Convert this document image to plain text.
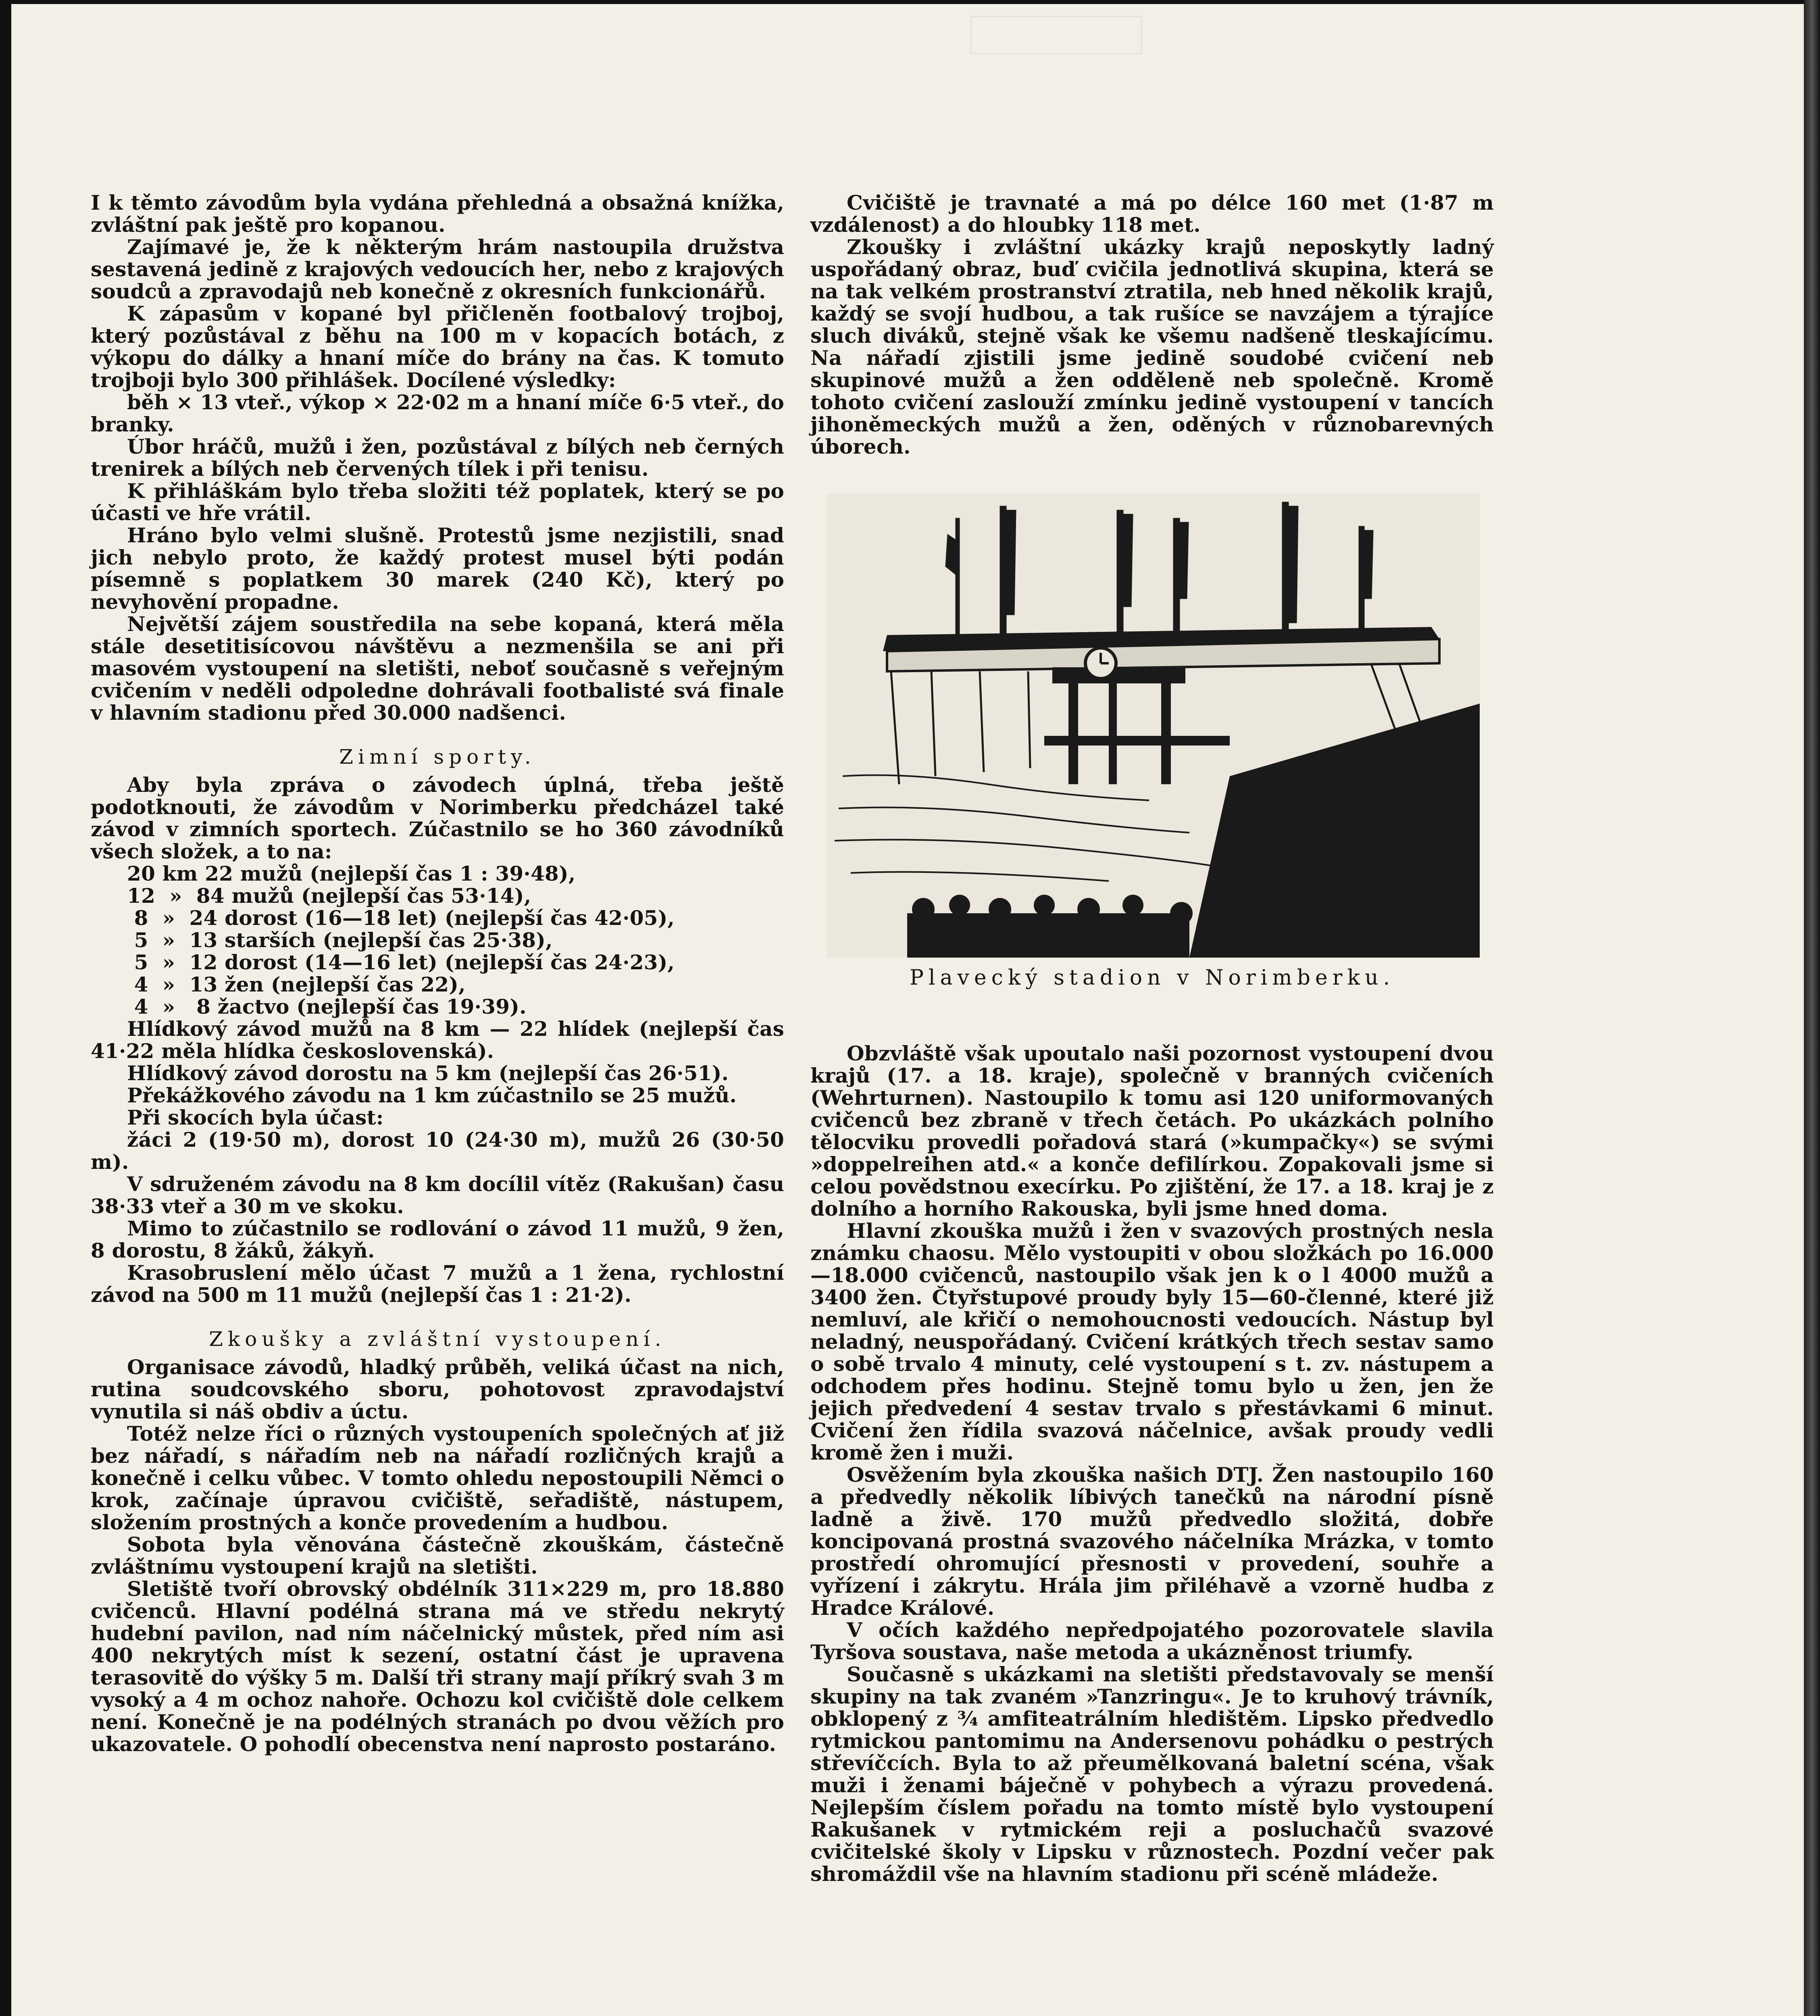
I k těmto závodům byla vydána přehledná a obsažná knížka, zvláštní pak ještě pro kopanou.

Zajímavé je, že k některým hrám nastoupila družstva sestavená jedině z krajových vedoucích her, nebo z krajových soudců a zpravodajů neb konečně z okresních funkcionářů.

K zápasům v kopané byl přičleněn footbalový trojboj, který pozůstával z běhu na 100 m v kopacích botách, z výkopu do dálky a hnaní míče do brány na čas. K tomuto trojboji bylo 300 přihlášek. Docílené výsledky:

běh × 13 vteř., výkop × 22·02 m a hnaní míče 6·5 vteř., do branky.

Úbor hráčů, mužů i žen, pozůstával z bílých neb černých trenirek a bílých neb červených tílek i při tenisu.

K přihláškám bylo třeba složiti též poplatek, který se po účasti ve hře vrátil.

Hráno bylo velmi slušně. Protestů jsme nezjistili, snad jich nebylo proto, že každý protest musel býti podán písemně s poplatkem 30 marek (240 Kč), který po nevyhovění propadne.

Největší zájem soustředila na sebe kopaná, která měla stále desetitisícovou návštěvu a nezmenšila se ani při masovém vystoupení na sletišti, neboť současně s veřejným cvičením v neděli odpoledne dohrávali footbalisté svá finale v hlavním stadionu před 30.000 nadšenci.

Zimní sporty.

Aby byla zpráva o závodech úplná, třeba ještě podotknouti, že závodům v Norimberku předcházel také závod v zimních sportech. Zúčastnilo se ho 360 závodníků všech složek, a to na:

20 km 22 mužů (nejlepší čas 1 : 39·48),
12  »  84 mužů (nejlepší čas 53·14),
8  »  24 dorost (16—18 let) (nejlepší čas 42·05),
5  »  13 starších (nejlepší čas 25·38),
5  »  12 dorost (14—16 let) (nejlepší čas 24·23),
4  »  13 žen (nejlepší čas 22),
4  »   8 žactvo (nejlepší čas 19·39).

Hlídkový závod mužů na 8 km — 22 hlídek (nejlepší čas 41·22 měla hlídka československá).

Hlídkový závod dorostu na 5 km (nejlepší čas 26·51).

Překážkového závodu na 1 km zúčastnilo se 25 mužů.

Při skocích byla účast:

žáci 2 (19·50 m), dorost 10 (24·30 m), mužů 26 (30·50 m).

V sdruženém závodu na 8 km docílil vítěz (Rakušan) času 38·33 vteř a 30 m ve skoku.

Mimo to zúčastnilo se rodlování o závod 11 mužů, 9 žen, 8 dorostu, 8 žáků, žákyň.

Krasobruslení mělo účast 7 mužů a 1 žena, rychlostní závod na 500 m 11 mužů (nejlepší čas 1 : 21·2).

Zkoušky a zvláštní vystoupení.

Organisace závodů, hladký průběh, veliká účast na nich, rutina soudcovského sboru, pohotovost zpravodajství vynutila si náš obdiv a úctu.

Totéž nelze říci o různých vystoupeních společných ať již bez nářadí, s nářadím neb na nářadí rozličných krajů a konečně i celku vůbec. V tomto ohledu nepostoupili Němci o krok, začínaje úpravou cvičiště, seřadiště, nástupem, složením prostných a konče provedením a hudbou.

Sobota byla věnována částečně zkouškám, částečně zvláštnímu vystoupení krajů na sletišti.

Sletiště tvoří obrovský obdélník 311×229 m, pro 18.880 cvičenců. Hlavní podélná strana má ve středu nekrytý hudební pavilon, nad ním náčelnický můstek, před ním asi 400 nekrytých míst k sezení, ostatní část je upravena terasovitě do výšky 5 m. Další tři strany mají příkrý svah 3 m vysoký a 4 m ochoz nahoře. Ochozu kol cvičiště dole celkem není. Konečně je na podélných stranách po dvou věžích pro ukazovatele. O pohodlí obecenstva není naprosto postaráno.

Cvičiště je travnaté a má po délce 160 met (1·87 m vzdálenost) a do hloubky 118 met.

Zkoušky i zvláštní ukázky krajů neposkytly ladný uspořádaný obraz, buď cvičila jednotlivá skupina, která se na tak velkém prostranství ztratila, neb hned několik krajů, každý se svojí hudbou, a tak rušíce se navzájem a týrajíce sluch diváků, stejně však ke všemu nadšeně tleskajícímu. Na nářadí zjistili jsme jedině soudobé cvičení neb skupinové mužů a žen odděleně neb společně. Kromě tohoto cvičení zaslouží zmínku jedině vystoupení v tancích jihoněmeckých mužů a žen, oděných v různobarevných úborech.

Plavecký stadion v Norimberku.

Obzvláště však upoutalo naši pozornost vystoupení dvou krajů (17. a 18. kraje), společně v branných cvičeních (Wehrturnen). Nastoupilo k tomu asi 120 uniformovaných cvičenců bez zbraně v třech četách. Po ukázkách polního tělocviku provedli pořadová stará (»kumpačky«) se svými »doppelreihen atd.« a konče defilírkou. Zopakovali jsme si celou povědstnou execírku. Po zjištění, že 17. a 18. kraj je z dolního a horního Rakouska, byli jsme hned doma.

Hlavní zkouška mužů i žen v svazových prostných nesla známku chaosu. Mělo vystoupiti v obou složkách po 16.000—18.000 cvičenců, nastoupilo však jen k o l 4000 mužů a 3400 žen. Čtyřstupové proudy byly 15—60-členné, které již nemluví, ale křičí o nemohoucnosti vedoucích. Nástup byl neladný, neuspořádaný. Cvičení krátkých třech sestav samo o sobě trvalo 4 minuty, celé vystoupení s t. zv. nástupem a odchodem přes hodinu. Stejně tomu bylo u žen, jen že jejich předvedení 4 sestav trvalo s přestávkami 6 minut. Cvičení žen řídila svazová náčelnice, avšak proudy vedli kromě žen i muži.

Osvěžením byla zkouška našich DTJ. Žen nastoupilo 160 a předvedly několik líbivých tanečků na národní písně ladně a živě. 170 mužů předvedlo složitá, dobře koncipovaná prostná svazového náčelníka Mrázka, v tomto prostředí ohromující přesnosti v provedení, souhře a vyřízení i zákrytu. Hrála jim přiléhavě a vzorně hudba z Hradce Králové.

V očích každého nepředpojatého pozorovatele slavila Tyršova soustava, naše metoda a ukázněnost triumfy.

Současně s ukázkami na sletišti představovaly se menší skupiny na tak zvaném »Tanzringu«. Je to kruhový trávník, obklopený z ¾ amfiteatrálním hledištěm. Lipsko předvedlo rytmickou pantomimu na Andersenovu pohádku o pestrých střevíčcích. Byla to až přeumělkovaná baletní scéna, však muži i ženami báječně v pohybech a výrazu provedená. Nejlepším číslem pořadu na tomto místě bylo vystoupení Rakušanek v rytmickém reji a posluchačů svazové cvičitelské školy v Lipsku v různostech. Pozdní večer pak shromáždil vše na hlavním stadionu při scéně mládeže.
